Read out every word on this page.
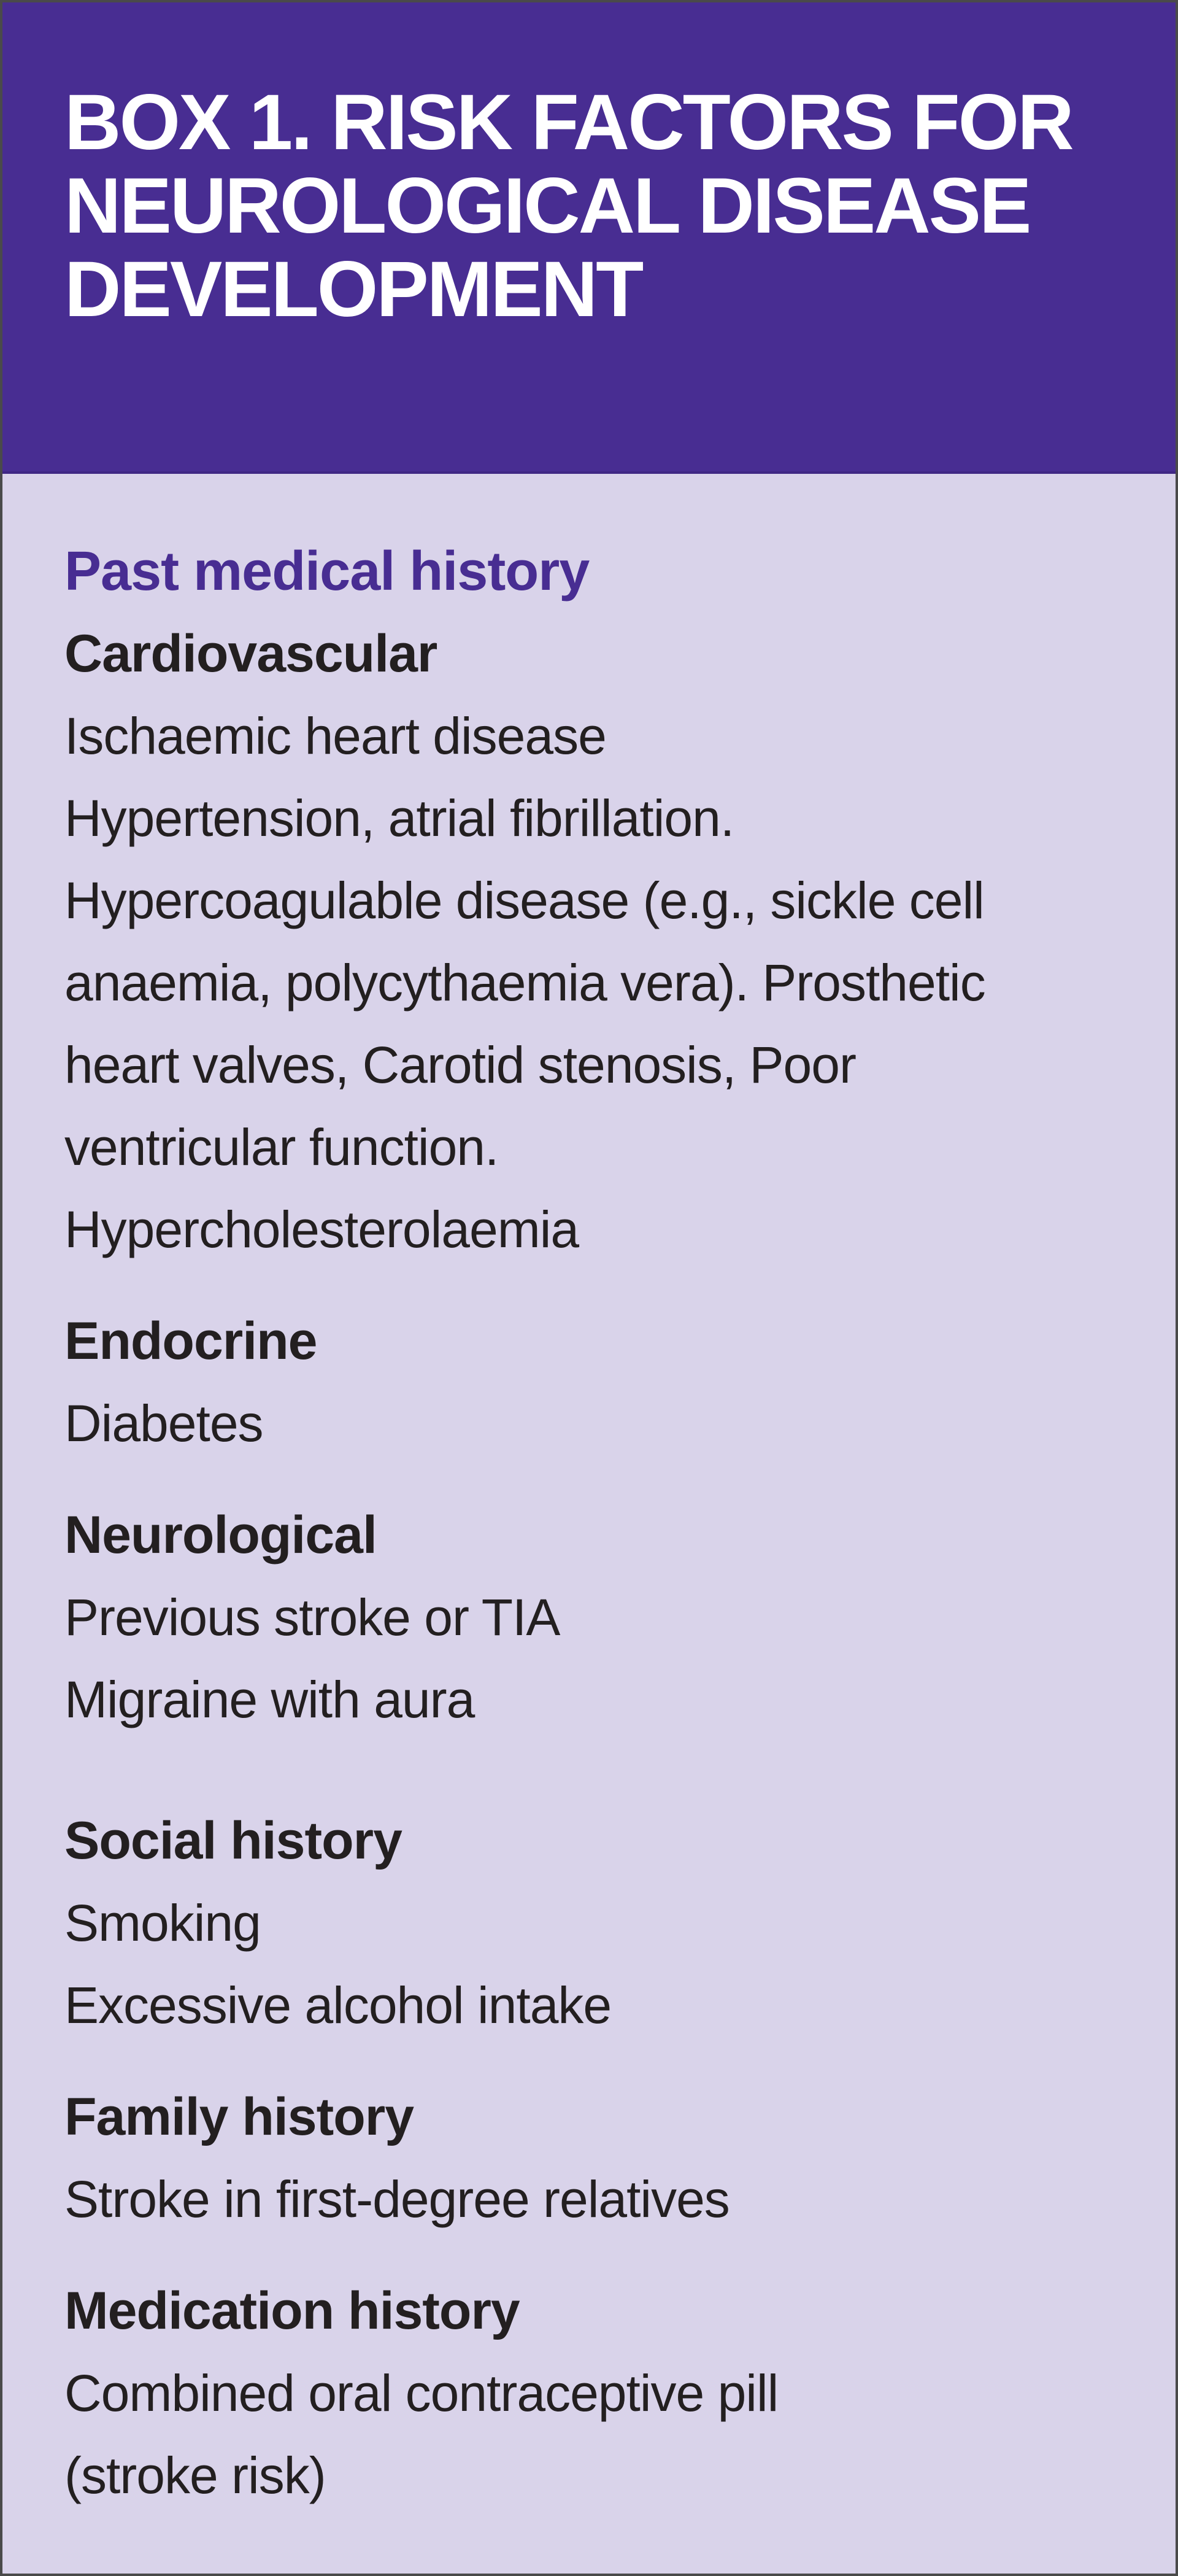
BOX 1. RISK FACTORS FOR NEUROLOGICAL DISEASE DEVELOPMENT
Past medical history

Cardiovascular

Ischaemic heart disease

Hypertension, atrial fibrillation.

Hypercoagulable disease (e.g., sickle cell

anaemia, polycythaemia vera). Prosthetic

heart valves, Carotid stenosis, Poor

ventricular function.

Hypercholesterolaemia

Endocrine

Diabetes

Neurological

Previous stroke or TIA

Migraine with aura

Social history

Smoking

Excessive alcohol intake

Family history

Stroke in first-degree relatives

Medication history

Combined oral contraceptive pill

(stroke risk)
